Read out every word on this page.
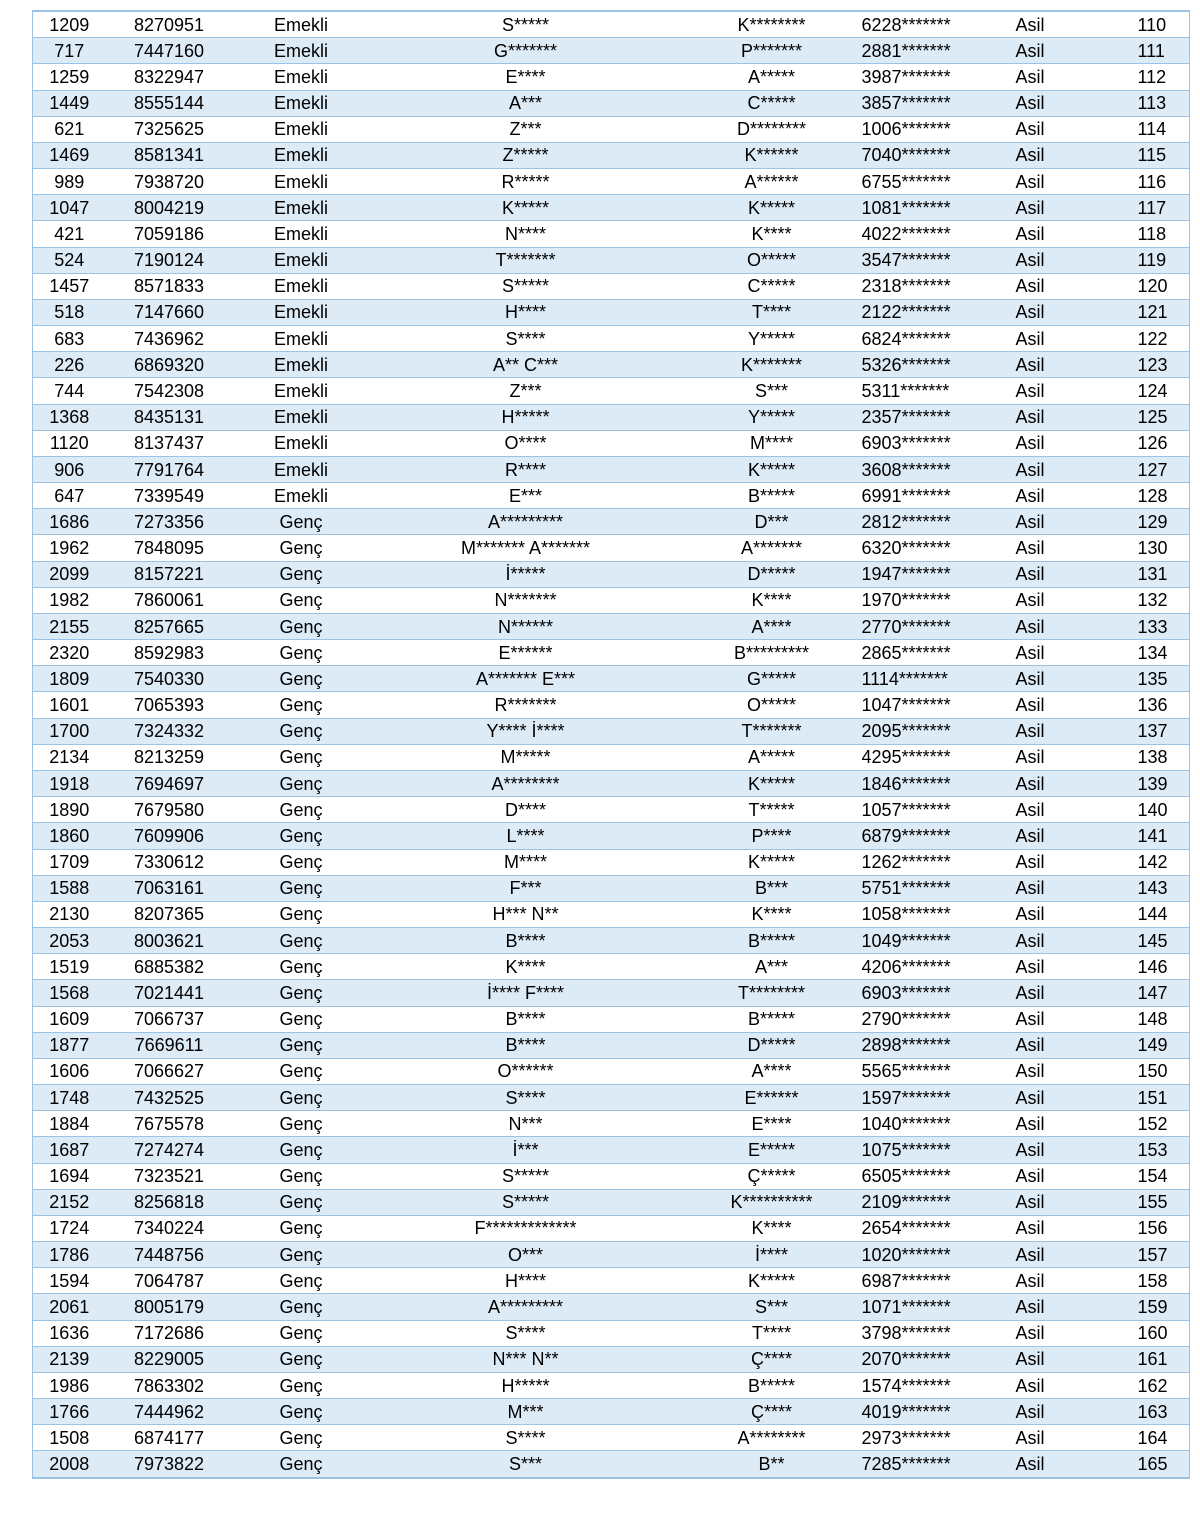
1209	8270951	Emekli	S*****		K********	6228*******	Asil 110
717	7447160	Emekli	G*******		P*******	2881*******	Asil 111
1259	8322947	Emekli	E****		A*****	3987*******	Asil 112
1449	8555144	Emekli	A***		C*****	3857*******	Asil 113
621	7325625	Emekli	Z***		D********	1006*******	Asil 114
1469	8581341	Emekli	Z*****		K******	7040*******	Asil 115
989	7938720	Emekli	R*****		A******	6755*******	Asil 116
1047	8004219	Emekli	K*****		K*****	1081*******	Asil 117
421	7059186	Emekli	N****		K****	4022*******	Asil 118
524	7190124	Emekli	T*******		O*****	3547*******	Asil 119
1457	8571833	Emekli	S*****		C*****	2318*******	Asil 120
518	7147660	Emekli	H****		T****	2122*******	Asil 121
683	7436962	Emekli	S****		Y*****	6824*******	Asil 122
226	6869320	Emekli	A** C***		K*******	5326*******	Asil 123
744	7542308	Emekli	Z***		S***	5311*******	Asil 124
1368	8435131	Emekli	H*****		Y*****	2357*******	Asil 125
1120	8137437	Emekli	O****		M****	6903*******	Asil 126
906	7791764	Emekli	R****		K*****	3608*******	Asil 127
647	7339549	Emekli	E***		B*****	6991*******	Asil 128
1686	7273356	Genç	A*********		D***	2812*******	Asil 129
1962	7848095	Genç	M******* A*******		A*******	6320*******	Asil 130
2099	8157221	Genç	İ*****		D*****	1947*******	Asil 131
1982	7860061	Genç	N*******		K****	1970*******	Asil 132
2155	8257665	Genç	N******		A****	2770*******	Asil 133
2320	8592983	Genç	E******		B*********	2865*******	Asil 134
1809	7540330	Genç	A******* E***		G*****	1114*******	Asil 135
1601	7065393	Genç	R*******		O*****	1047*******	Asil 136
1700	7324332	Genç	Y**** İ****		T*******	2095*******	Asil 137
2134	8213259	Genç	M*****		A*****	4295*******	Asil 138
1918	7694697	Genç	A********		K*****	1846*******	Asil 139
1890	7679580	Genç	D****		T*****	1057*******	Asil 140
1860	7609906	Genç	L****		P****	6879*******	Asil 141
1709	7330612	Genç	M****		K*****	1262*******	Asil 142
1588	7063161	Genç	F***		B***	5751*******	Asil 143
2130	8207365	Genç	H*** N**		K****	1058*******	Asil 144
2053	8003621	Genç	B****		B*****	1049*******	Asil 145
1519	6885382	Genç	K****		A***	4206*******	Asil 146
1568	7021441	Genç	İ**** F****		T********	6903*******	Asil 147
1609	7066737	Genç	B****		B*****	2790*******	Asil 148
1877	7669611	Genç	B****		D*****	2898*******	Asil 149
1606	7066627	Genç	O******		A****	5565*******	Asil 150
1748	7432525	Genç	S****		E******	1597*******	Asil 151
1884	7675578	Genç	N***		E****	1040*******	Asil 152
1687	7274274	Genç	İ***		E*****	1075*******	Asil 153
1694	7323521	Genç	S*****		Ç*****	6505*******	Asil 154
2152	8256818	Genç	S*****		K**********	2109*******	Asil 155
1724	7340224	Genç	F*************		K****	2654*******	Asil 156
1786	7448756	Genç	O***		İ****	1020*******	Asil 157
1594	7064787	Genç	H****		K*****	6987*******	Asil 158
2061	8005179	Genç	A*********		S***	1071*******	Asil 159
1636	7172686	Genç	S****		T****	3798*******	Asil 160
2139	8229005	Genç	N*** N**		Ç****	2070*******	Asil 161
1986	7863302	Genç	H*****		B*****	1574*******	Asil 162
1766	7444962	Genç	M***		Ç****	4019*******	Asil 163
1508	6874177	Genç	S****		A********	2973*******	Asil 164
2008	7973822	Genç	S***		B**	7285*******	Asil 165
